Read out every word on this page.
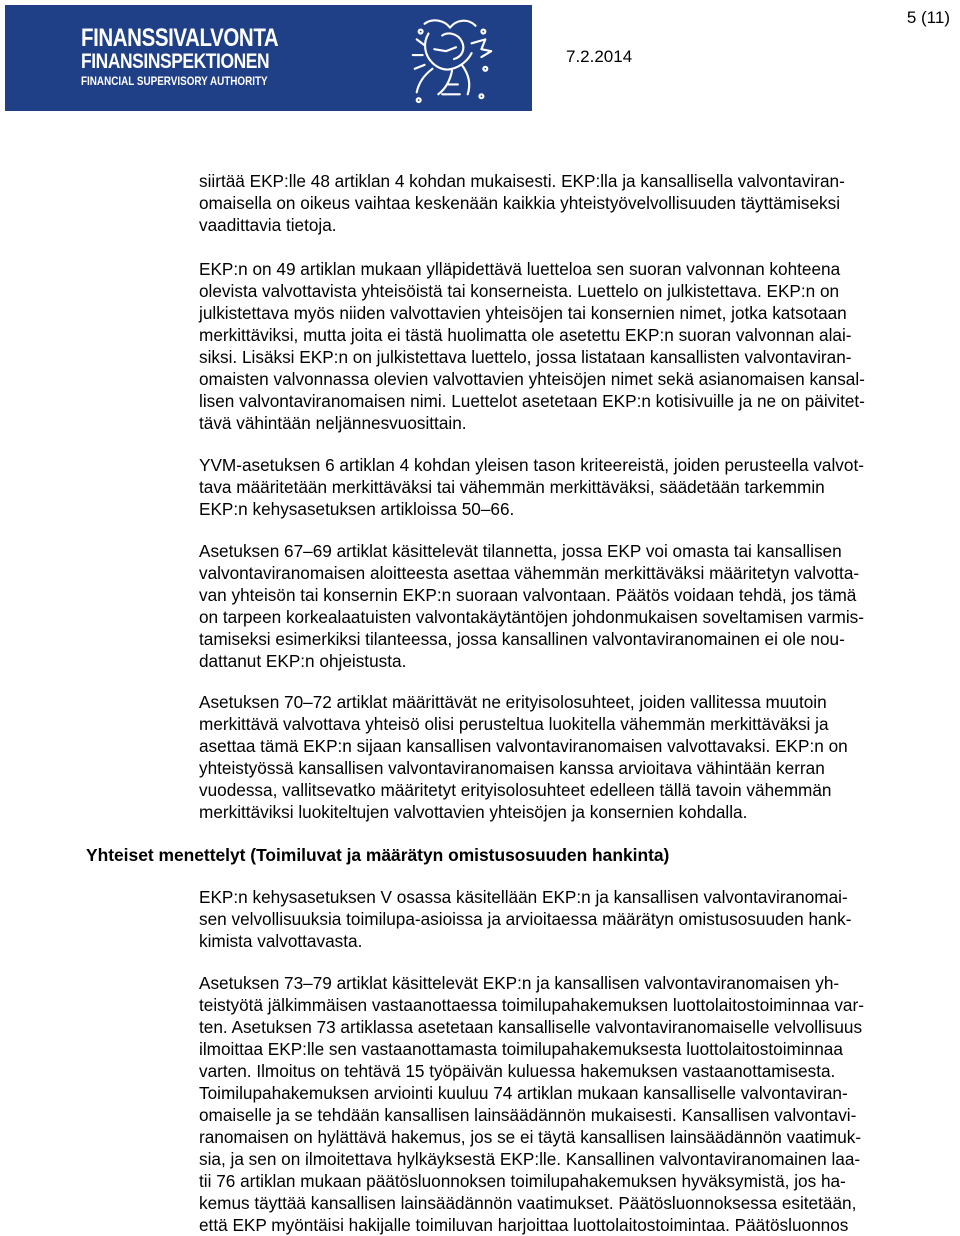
FINANSSIVALVONTA
FINANSINSPEKTIONEN
FINANCIAL SUPERVISORY AUTHORITY
7.2.2014
5 (11)
siirtää EKP:lle 48 artiklan 4 kohdan mukaisesti. EKP:lla ja kansallisella valvontaviran-
omaisella on oikeus vaihtaa keskenään kaikkia yhteistyövelvollisuuden täyttämiseksi
vaadittavia tietoja.
EKP:n on 49 artiklan mukaan ylläpidettävä luetteloa sen suoran valvonnan kohteena
olevista valvottavista yhteisöistä tai konserneista. Luettelo on julkistettava. EKP:n on
julkistettava myös niiden valvottavien yhteisöjen tai konsernien nimet, jotka katsotaan
merkittäviksi, mutta joita ei tästä huolimatta ole asetettu EKP:n suoran valvonnan alai-
siksi. Lisäksi EKP:n on julkistettava luettelo, jossa listataan kansallisten valvontaviran-
omaisten valvonnassa olevien valvottavien yhteisöjen nimet sekä asianomaisen kansal-
lisen valvontaviranomaisen nimi. Luettelot asetetaan EKP:n kotisivuille ja ne on päivitet-
tävä vähintään neljännesvuosittain.
YVM-asetuksen 6 artiklan 4 kohdan yleisen tason kriteereistä, joiden perusteella valvot-
tava määritetään merkittäväksi tai vähemmän merkittäväksi, säädetään tarkemmin
EKP:n kehysasetuksen artikloissa 50–66.
Asetuksen 67–69 artiklat käsittelevät tilannetta, jossa EKP voi omasta tai kansallisen
valvontaviranomaisen aloitteesta asettaa vähemmän merkittäväksi määritetyn valvotta-
van yhteisön tai konsernin EKP:n suoraan valvontaan. Päätös voidaan tehdä, jos tämä
on tarpeen korkealaatuisten valvontakäytäntöjen johdonmukaisen soveltamisen varmis-
tamiseksi esimerkiksi tilanteessa, jossa kansallinen valvontaviranomainen ei ole nou-
dattanut EKP:n ohjeistusta.
Asetuksen 70–72 artiklat määrittävät ne erityisolosuhteet, joiden vallitessa muutoin
merkittävä valvottava yhteisö olisi perusteltua luokitella vähemmän merkittäväksi ja
asettaa tämä EKP:n sijaan kansallisen valvontaviranomaisen valvottavaksi. EKP:n on
yhteistyössä kansallisen valvontaviranomaisen kanssa arvioitava vähintään kerran
vuodessa, vallitsevatko määritetyt erityisolosuhteet edelleen tällä tavoin vähemmän
merkittäviksi luokiteltujen valvottavien yhteisöjen ja konsernien kohdalla.
Yhteiset menettelyt (Toimiluvat ja määrätyn omistusosuuden hankinta)
EKP:n kehysasetuksen V osassa käsitellään EKP:n ja kansallisen valvontaviranomai-
sen velvollisuuksia toimilupa-asioissa ja arvioitaessa määrätyn omistusosuuden hank-
kimista valvottavasta.
Asetuksen 73–79 artiklat käsittelevät EKP:n ja kansallisen valvontaviranomaisen yh-
teistyötä jälkimmäisen vastaanottaessa toimilupahakemuksen luottolaitostoiminnaa var-
ten. Asetuksen 73 artiklassa asetetaan kansalliselle valvontaviranomaiselle velvollisuus
ilmoittaa EKP:lle sen vastaanottamasta toimilupahakemuksesta luottolaitostoiminnaa
varten. Ilmoitus on tehtävä 15 työpäivän kuluessa hakemuksen vastaanottamisesta.
Toimilupahakemuksen arviointi kuuluu 74 artiklan mukaan kansalliselle valvontaviran-
omaiselle ja se tehdään kansallisen lainsäädännön mukaisesti. Kansallisen valvontavi-
ranomaisen on hylättävä hakemus, jos se ei täytä kansallisen lainsäädännön vaatimuk-
sia, ja sen on ilmoitettava hylkäyksestä EKP:lle. Kansallinen valvontaviranomainen laa-
tii 76 artiklan mukaan päätösluonnoksen toimilupahakemuksen hyväksymistä, jos ha-
kemus täyttää kansallisen lainsäädännön vaatimukset. Päätösluonnoksessa esitetään,
että EKP myöntäisi hakijalle toimiluvan harjoittaa luottolaitostoimintaa. Päätösluonnos
